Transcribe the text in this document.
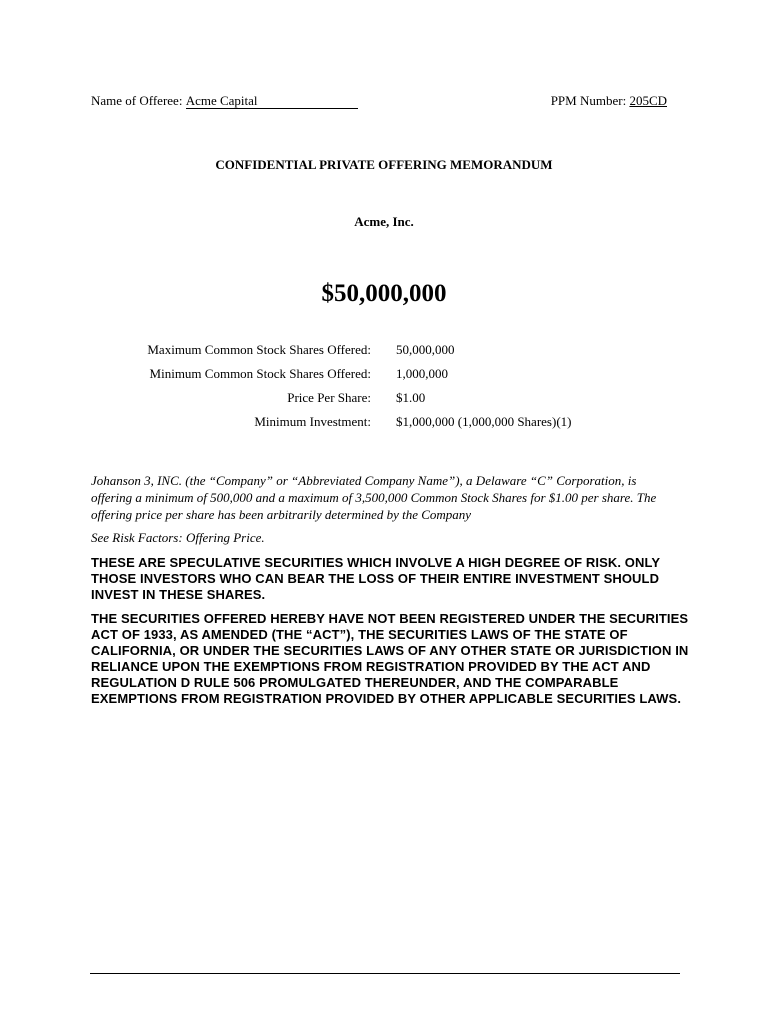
Name of Offeree: Acme Capital	PPM Number: 205CD
CONFIDENTIAL PRIVATE OFFERING MEMORANDUM
Acme, Inc.
$50,000,000
Maximum Common Stock Shares Offered: 50,000,000
Minimum Common Stock Shares Offered: 1,000,000
Price Per Share: $1.00
Minimum Investment: $1,000,000 (1,000,000 Shares)(1)

Johanson 3, INC. (the “Company” or “Abbreviated Company Name”), a Delaware “C” Corporation, is offering a minimum of 500,000 and a maximum of 3,500,000 Common Stock Shares for $1.00 per share. The offering price per share has been arbitrarily determined by the Company

See Risk Factors: Offering Price.

THESE ARE SPECULATIVE SECURITIES WHICH INVOLVE A HIGH DEGREE OF RISK. ONLY THOSE INVESTORS WHO CAN BEAR THE LOSS OF THEIR ENTIRE INVESTMENT SHOULD INVEST IN THESE SHARES.

THE SECURITIES OFFERED HEREBY HAVE NOT BEEN REGISTERED UNDER THE SECURITIES ACT OF 1933, AS AMENDED (THE “ACT”), THE SECURITIES LAWS OF THE STATE OF CALIFORNIA, OR UNDER THE SECURITIES LAWS OF ANY OTHER STATE OR JURISDICTION IN RELIANCE UPON THE EXEMPTIONS FROM REGISTRATION PROVIDED BY THE ACT AND REGULATION D RULE 506 PROMULGATED THEREUNDER, AND THE COMPARABLE EXEMPTIONS FROM REGISTRATION PROVIDED BY OTHER APPLICABLE SECURITIES LAWS.
